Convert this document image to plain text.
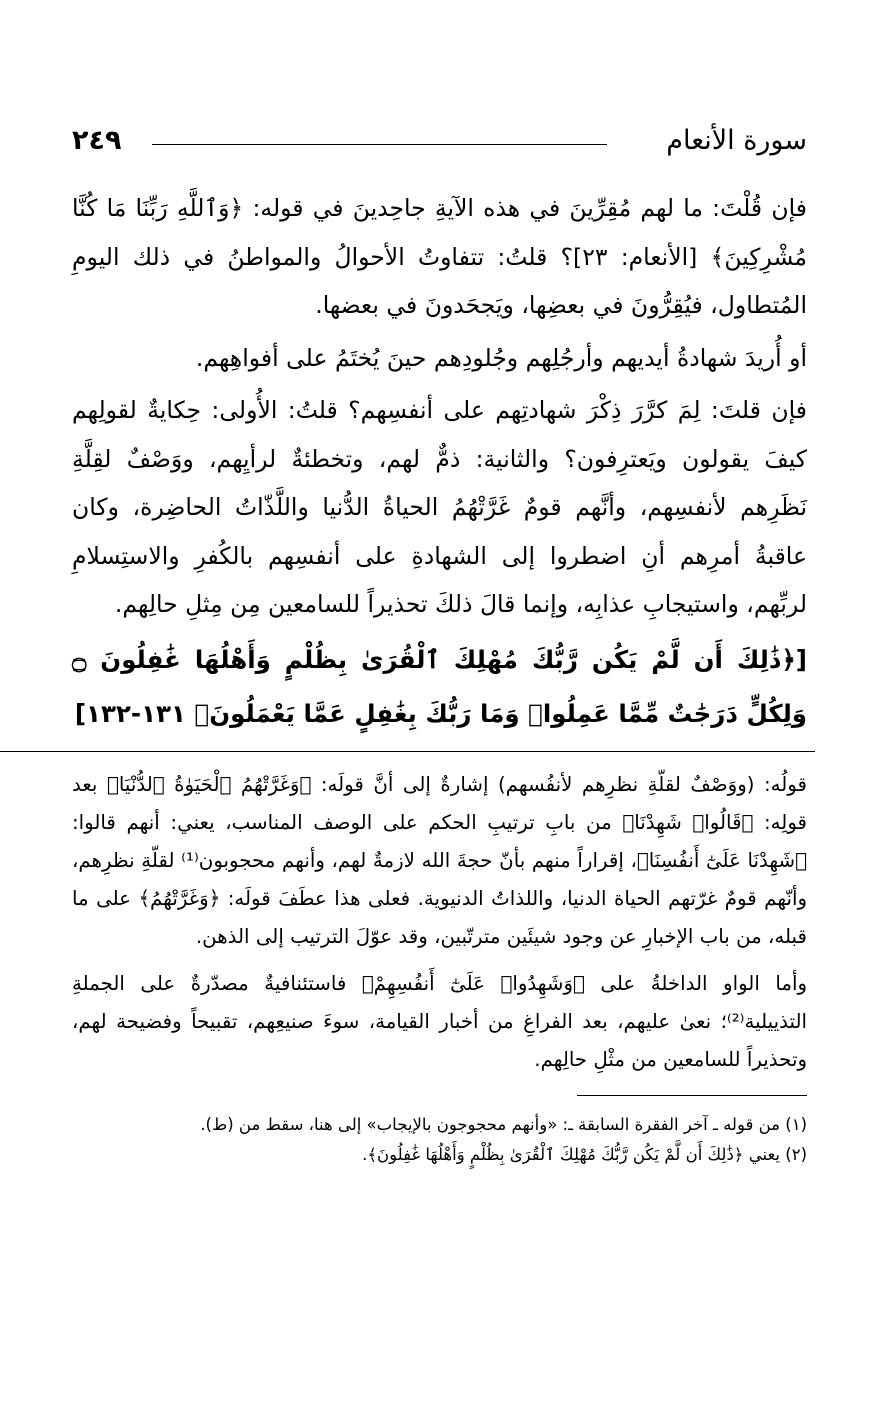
سورة الأنعام
٢٤٩

فإن قُلْتَ: ما لهم مُقِرِّينَ في هذه الآيةِ جاحِدينَ في قوله: ﴿وَٱللَّهِ رَبِّنَا مَا كُنَّا مُشْرِكِينَ﴾ [الأنعام: ٢٣]؟ قلتُ: تتفاوتُ الأحوالُ والمواطنُ في ذلك اليومِ المُتطاول، فيُقِرُّونَ في بعضِها، ويَجحَدونَ في بعضها.

أو أُريدَ شهادةُ أيديهم وأرجُلِهم وجُلودِهم حينَ يُختَمُ على أفواهِهم.

فإن قلتَ: لِمَ كرَّرَ ذِكْرَ شهادتِهم على أنفسِهم؟ قلتُ: الأُولى: حِكايةٌ لقولِهم كيفَ يقولون ويَعترِفون؟ والثانية: ذمٌّ لهم، وتخطئةٌ لرأيِهم، ووَصْفٌ لقِلَّةِ نَظَرِهم لأنفسِهم، وأنَّهم قومٌ غَرَّتْهُمُ الحياةُ الدُّنيا واللَّذّاتُ الحاضِرة، وكان عاقبةُ أمرِهم أنِ اضطروا إلى الشهادةِ على أنفسِهم بالكُفرِ والاستِسلامِ لربِّهم، واستيجابِ عذابِه، وإنما قالَ ذلكَ تحذيراً للسامعين مِن مِثلِ حالِهم.

[﴿ذَٰلِكَ أَن لَّمْ يَكُن رَّبُّكَ مُهْلِكَ ٱلْقُرَىٰ بِظُلْمٍ وَأَهْلُهَا غَٰفِلُونَ ۝ وَلِكُلٍّ دَرَجَٰتٌ مِّمَّا عَمِلُوا۟ وَمَا رَبُّكَ بِغَٰفِلٍ عَمَّا يَعْمَلُونَ﴾ ١٣١-١٣٢]

قولُه: (ووَصْفٌ لقلّةِ نظرِهم لأنفُسهم) إشارةٌ إلى أنَّ قولَه: ﴿وَغَرَّتْهُمُ ٱلْحَيَوٰةُ ٱلدُّنْيَا﴾ بعد قولِه: ﴿قَالُوا۟ شَهِدْنَا﴾ من بابِ ترتيبِ الحكم على الوصف المناسب، يعني: أنهم قالوا: ﴿شَهِدْنَا عَلَىٰٓ أَنفُسِنَا﴾، إقراراً منهم بأنّ حجةَ الله لازمةٌ لهم، وأنهم محجوبون⁽¹⁾ لقلّةِ نظرِهم، وأنّهم قومٌ غرّتهم الحياة الدنيا، واللذاتُ الدنيوية. فعلى هذا عطَفَ قولَه: ﴿وَغَرَّتْهُمُ﴾ على ما قبله، من باب الإخبارِ عن وجود شيئَين مترتّبين، وقد عوّلَ الترتيب إلى الذهن.

وأما الواو الداخلةُ على ﴿وَشَهِدُوا۟ عَلَىٰٓ أَنفُسِهِمْ﴾ فاستئنافيةٌ مصدّرةٌ على الجملةِ التذييلية⁽²⁾؛ نعىٰ عليهم، بعد الفراغِ من أخبار القيامة، سوءَ صنيعِهم، تقبيحاً وفضيحة لهم، وتحذيراً للسامعين من مثْلِ حالِهم.

(١) من قوله ـ آخر الفقرة السابقة ـ: «وأنهم محجوجون بالإيجاب» إلى هنا، سقط من (ط).

(٢) يعني ﴿ذَٰلِكَ أَن لَّمْ يَكُن رَّبُّكَ مُهْلِكَ ٱلْقُرَىٰ بِظُلْمٍ وَأَهْلُهَا غَٰفِلُونَ﴾.
